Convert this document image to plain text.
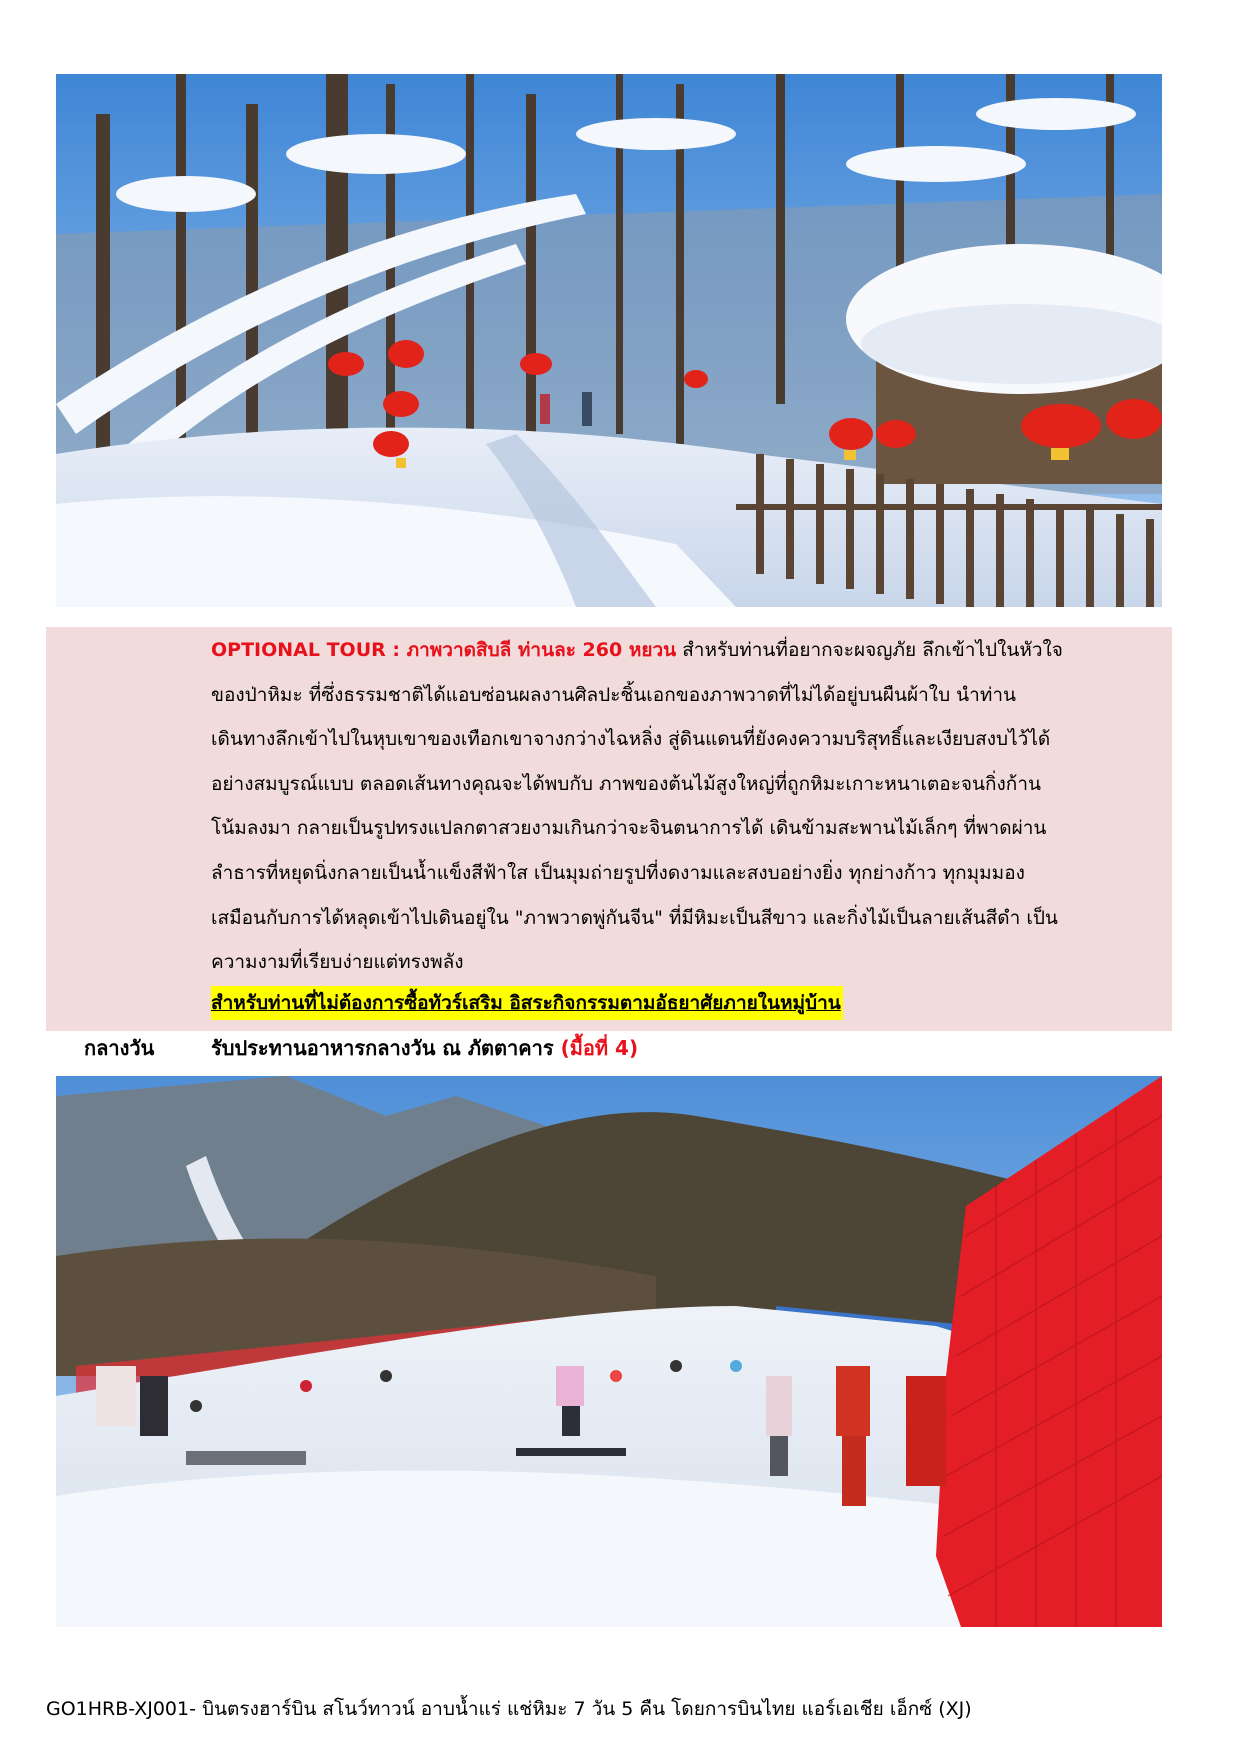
OPTIONAL TOUR : ภาพวาดสิบลี ท่านละ 260 หยวน สำหรับท่านที่อยากจะผจญภัย ลึกเข้าไปในหัวใจ
ของป่าหิมะ ที่ซึ่งธรรมชาติได้แอบซ่อนผลงานศิลปะชิ้นเอกของภาพวาดที่ไม่ได้อยู่บนผืนผ้าใบ นำท่าน
เดินทางลึกเข้าไปในหุบเขาของเทือกเขาจางกว่างไฉหลิ่ง สู่ดินแดนที่ยังคงความบริสุทธิ์และเงียบสงบไว้ได้
อย่างสมบูรณ์แบบ ตลอดเส้นทางคุณจะได้พบกับ ภาพของต้นไม้สูงใหญ่ที่ถูกหิมะเกาะหนาเตอะจนกิ่งก้าน
โน้มลงมา กลายเป็นรูปทรงแปลกตาสวยงามเกินกว่าจะจินตนาการได้ เดินข้ามสะพานไม้เล็กๆ ที่พาดผ่าน
ลำธารที่หยุดนิ่งกลายเป็นน้ำแข็งสีฟ้าใส เป็นมุมถ่ายรูปที่งดงามและสงบอย่างยิ่ง ทุกย่างก้าว ทุกมุมมอง
เสมือนกับการได้หลุดเข้าไปเดินอยู่ใน "ภาพวาดพู่กันจีน" ที่มีหิมะเป็นสีขาว และกิ่งไม้เป็นลายเส้นสีดำ เป็น
ความงามที่เรียบง่ายแต่ทรงพลัง
สำหรับท่านที่ไม่ต้องการซื้อทัวร์เสริม อิสระกิจกรรมตามอัธยาศัยภายในหมู่บ้าน
กลางวัน	รับประทานอาหารกลางวัน ณ ภัตตาคาร (มื้อที่ 4)
GO1HRB-XJ001- บินตรงฮาร์บิน สโนว์ทาวน์ อาบน้ำแร่ แช่หิมะ 7 วัน 5 คืน โดยการบินไทย แอร์เอเชีย เอ็กซ์ (XJ)
